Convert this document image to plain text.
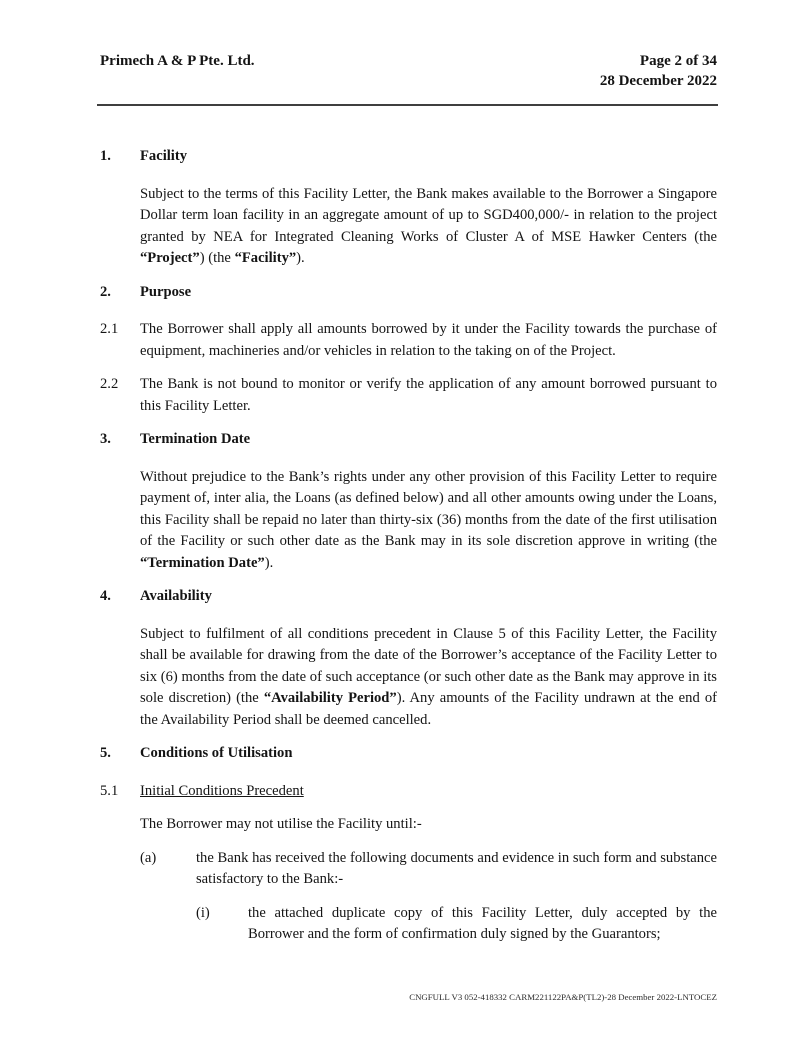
Primech A & P Pte. Ltd.	Page 2 of 34
28 December 2022
1.	Facility

Subject to the terms of this Facility Letter, the Bank makes available to the Borrower a Singapore Dollar term loan facility in an aggregate amount of up to SGD400,000/- in relation to the project granted by NEA for Integrated Cleaning Works of Cluster A of MSE Hawker Centers (the “Project”) (the “Facility”).

2.	Purpose
2.1	The Borrower shall apply all amounts borrowed by it under the Facility towards the purchase of equipment, machineries and/or vehicles in relation to the taking on of the Project.

2.2	The Bank is not bound to monitor or verify the application of any amount borrowed pursuant to this Facility Letter.

3.	Termination Date

Without prejudice to the Bank’s rights under any other provision of this Facility Letter to require payment of, inter alia, the Loans (as defined below) and all other amounts owing under the Loans, this Facility shall be repaid no later than thirty-six (36) months from the date of the first utilisation of the Facility or such other date as the Bank may in its sole discretion approve in writing (the “Termination Date”).

4.	Availability

Subject to fulfilment of all conditions precedent in Clause 5 of this Facility Letter, the Facility shall be available for drawing from the date of the Borrower’s acceptance of the Facility Letter to six (6) months from the date of such acceptance (or such other date as the Bank may approve in its sole discretion) (the “Availability Period”). Any amounts of the Facility undrawn at the end of the Availability Period shall be deemed cancelled.

5.	Conditions of Utilisation
5.1	Initial Conditions Precedent

The Borrower may not utilise the Facility until:-

(a)	the Bank has received the following documents and evidence in such form and substance satisfactory to the Bank:-

(i)	the attached duplicate copy of this Facility Letter, duly accepted by the Borrower and the form of confirmation duly signed by the Guarantors;

CNGFULL V3 052-418332 CARM221122PA&P(TL2)-28 December 2022-LNTOCEZ
